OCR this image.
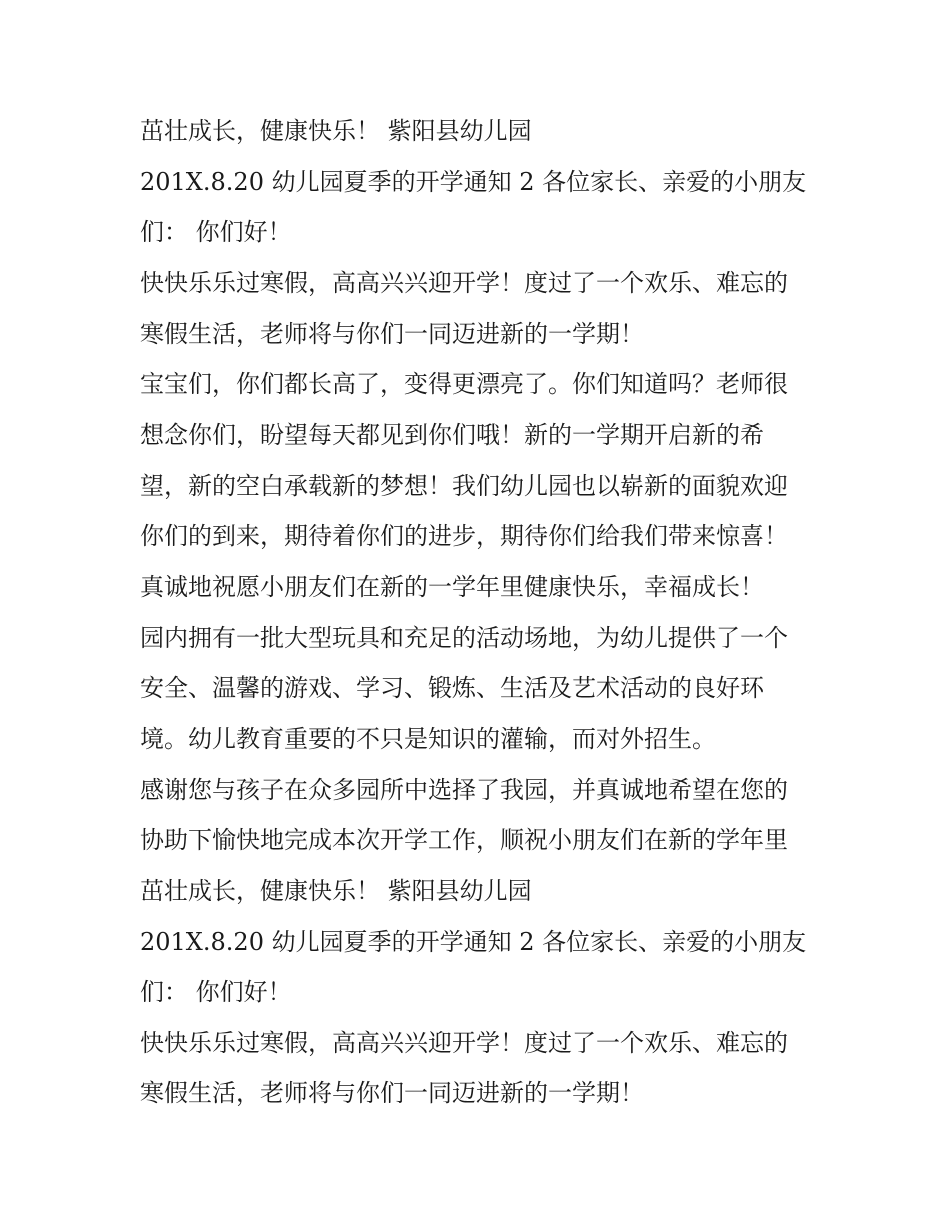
茁壮成长，健康快乐！ 紫阳县幼儿园
201X.8.20 幼儿园夏季的开学通知 2 各位家长、亲爱的小朋友
们： 你们好！
快快乐乐过寒假，高高兴兴迎开学！度过了一个欢乐、难忘的
寒假生活，老师将与你们一同迈进新的一学期！
宝宝们，你们都长高了，变得更漂亮了。你们知道吗？老师很
想念你们，盼望每天都见到你们哦！新的一学期开启新的希
望，新的空白承载新的梦想！我们幼儿园也以崭新的面貌欢迎
你们的到来，期待着你们的进步，期待你们给我们带来惊喜！
真诚地祝愿小朋友们在新的一学年里健康快乐，幸福成长！
园内拥有一批大型玩具和充足的活动场地，为幼儿提供了一个
安全、温馨的游戏、学习、锻炼、生活及艺术活动的良好环
境。幼儿教育重要的不只是知识的灌输，而对外招生。
感谢您与孩子在众多园所中选择了我园，并真诚地希望在您的
协助下愉快地完成本次开学工作，顺祝小朋友们在新的学年里
茁壮成长，健康快乐！ 紫阳县幼儿园
201X.8.20 幼儿园夏季的开学通知 2 各位家长、亲爱的小朋友
们： 你们好！
快快乐乐过寒假，高高兴兴迎开学！度过了一个欢乐、难忘的
寒假生活，老师将与你们一同迈进新的一学期！
